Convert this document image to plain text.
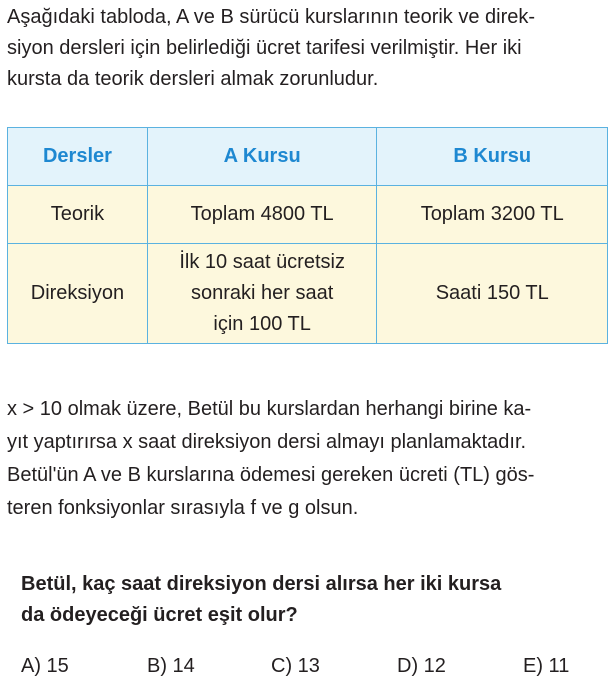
Aşağıdaki tabloda, A ve B sürücü kurslarının teorik ve direk-
siyon dersleri için belirlediği ücret tarifesi verilmiştir. Her iki
kursta da teorik dersleri almak zorunludur.
Dersler	A Kursu	B Kursu
Teorik	Toplam 4800 TL	Toplam 3200 TL
Direksiyon	İlk 10 saat ücretsiz
sonraki her saat
için 100 TL	Saati 150 TL
x > 10 olmak üzere, Betül bu kurslardan herhangi birine ka-
yıt yaptırırsa x saat direksiyon dersi almayı planlamaktadır.
Betül'ün A ve B kurslarına ödemesi gereken ücreti (TL) gös-
teren fonksiyonlar sırasıyla f ve g olsun.
Betül, kaç saat direksiyon dersi alırsa her iki kursa
da ödeyeceği ücret eşit olur?
A) 15	B) 14	C) 13	D) 12	E) 11
